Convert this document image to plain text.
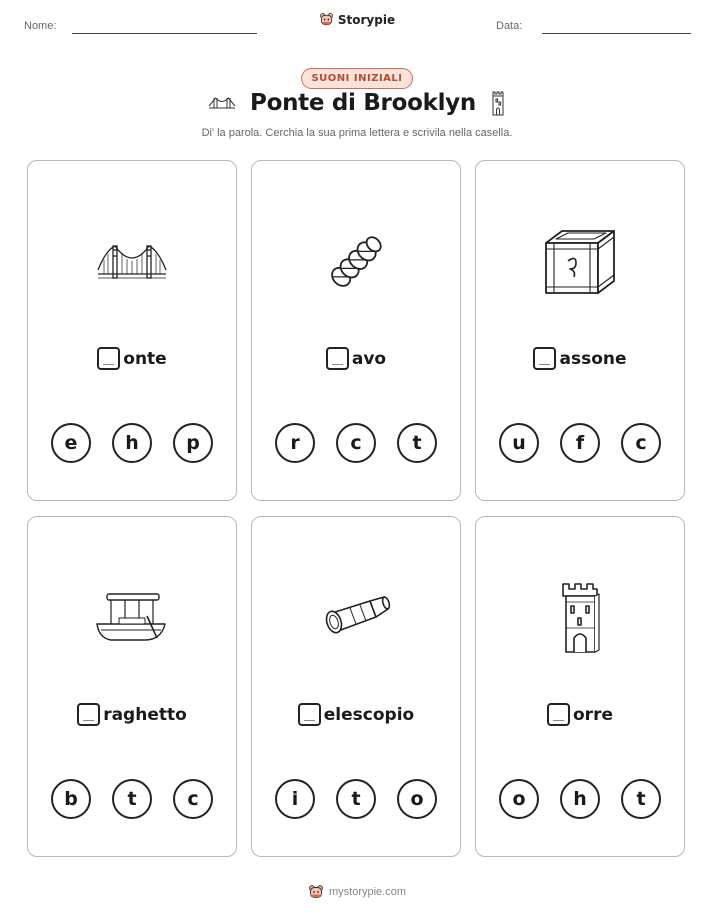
Nome:	Data:
Storypie
SUONI INIZIALI
Ponte di Brooklyn
Di' la parola. Cerchia la sua prima lettera e scrivila nella casella.
onte
e	h	p
avo
r	c	t
assone
u	f	c
raghetto
b	t	c
elescopio
i	t	o
orre
o	h	t
mystorypie.com
